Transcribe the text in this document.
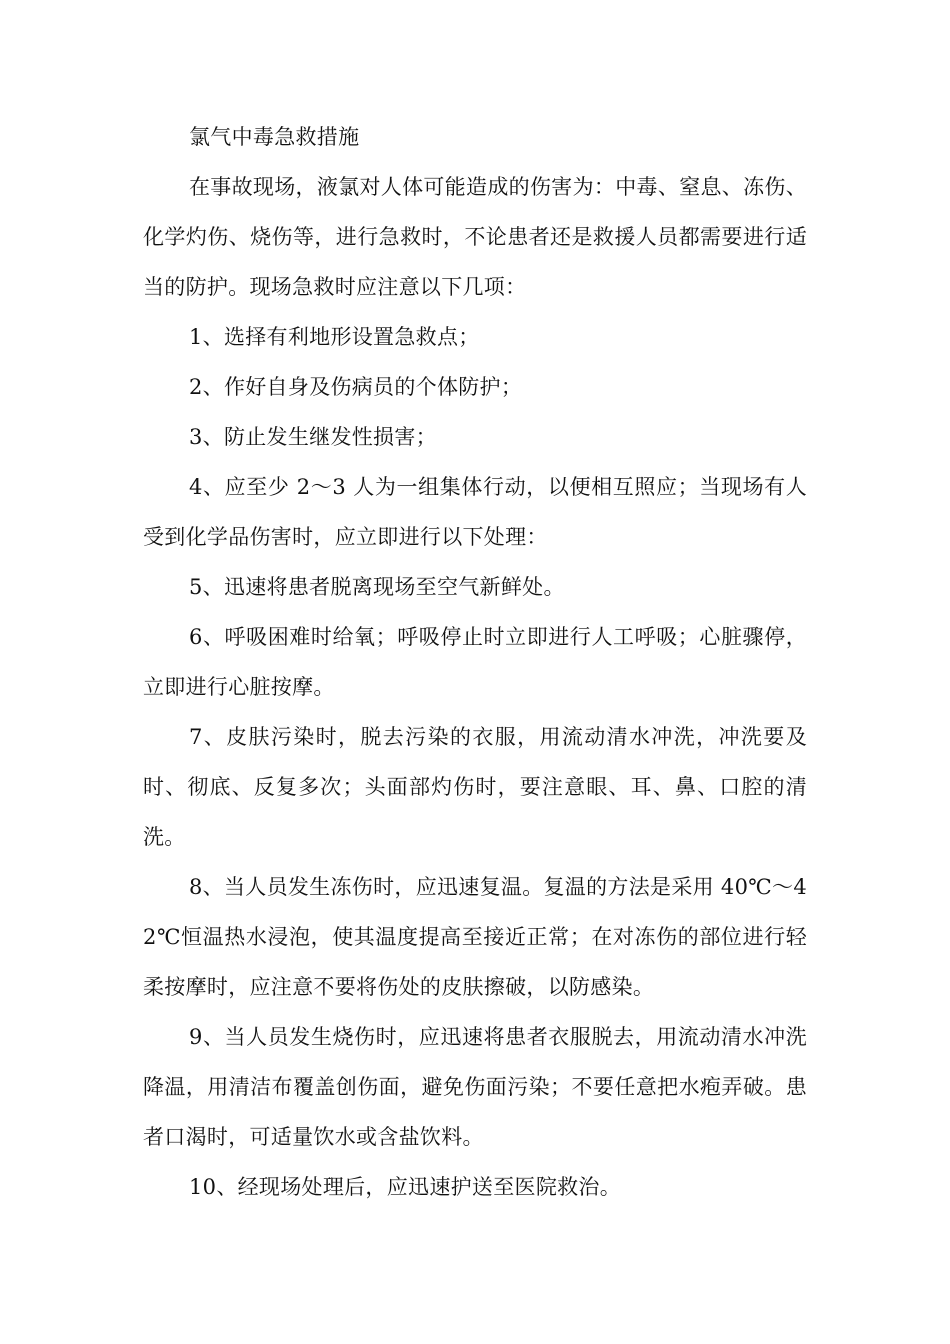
氯气中毒急救措施

在事故现场，液氯对人体可能造成的伤害为：中毒、窒息、冻伤、化学灼伤、烧伤等，进行急救时，不论患者还是救援人员都需要进行适当的防护。现场急救时应注意以下几项：

1、选择有利地形设置急救点；

2、作好自身及伤病员的个体防护；

3、防止发生继发性损害；

4、应至少 2～3 人为一组集体行动，以便相互照应；当现场有人受到化学品伤害时，应立即进行以下处理：

5、迅速将患者脱离现场至空气新鲜处。

6、呼吸困难时给氧；呼吸停止时立即进行人工呼吸；心脏骤停，立即进行心脏按摩。

7、皮肤污染时，脱去污染的衣服，用流动清水冲洗，冲洗要及时、彻底、反复多次；头面部灼伤时，要注意眼、耳、鼻、口腔的清洗。

8、当人员发生冻伤时，应迅速复温。复温的方法是采用 40℃～42℃恒温热水浸泡，使其温度提高至接近正常；在对冻伤的部位进行轻柔按摩时，应注意不要将伤处的皮肤擦破，以防感染。

9、当人员发生烧伤时，应迅速将患者衣服脱去，用流动清水冲洗降温，用清洁布覆盖创伤面，避免伤面污染；不要任意把水疱弄破。患者口渴时，可适量饮水或含盐饮料。

10、经现场处理后，应迅速护送至医院救治。
